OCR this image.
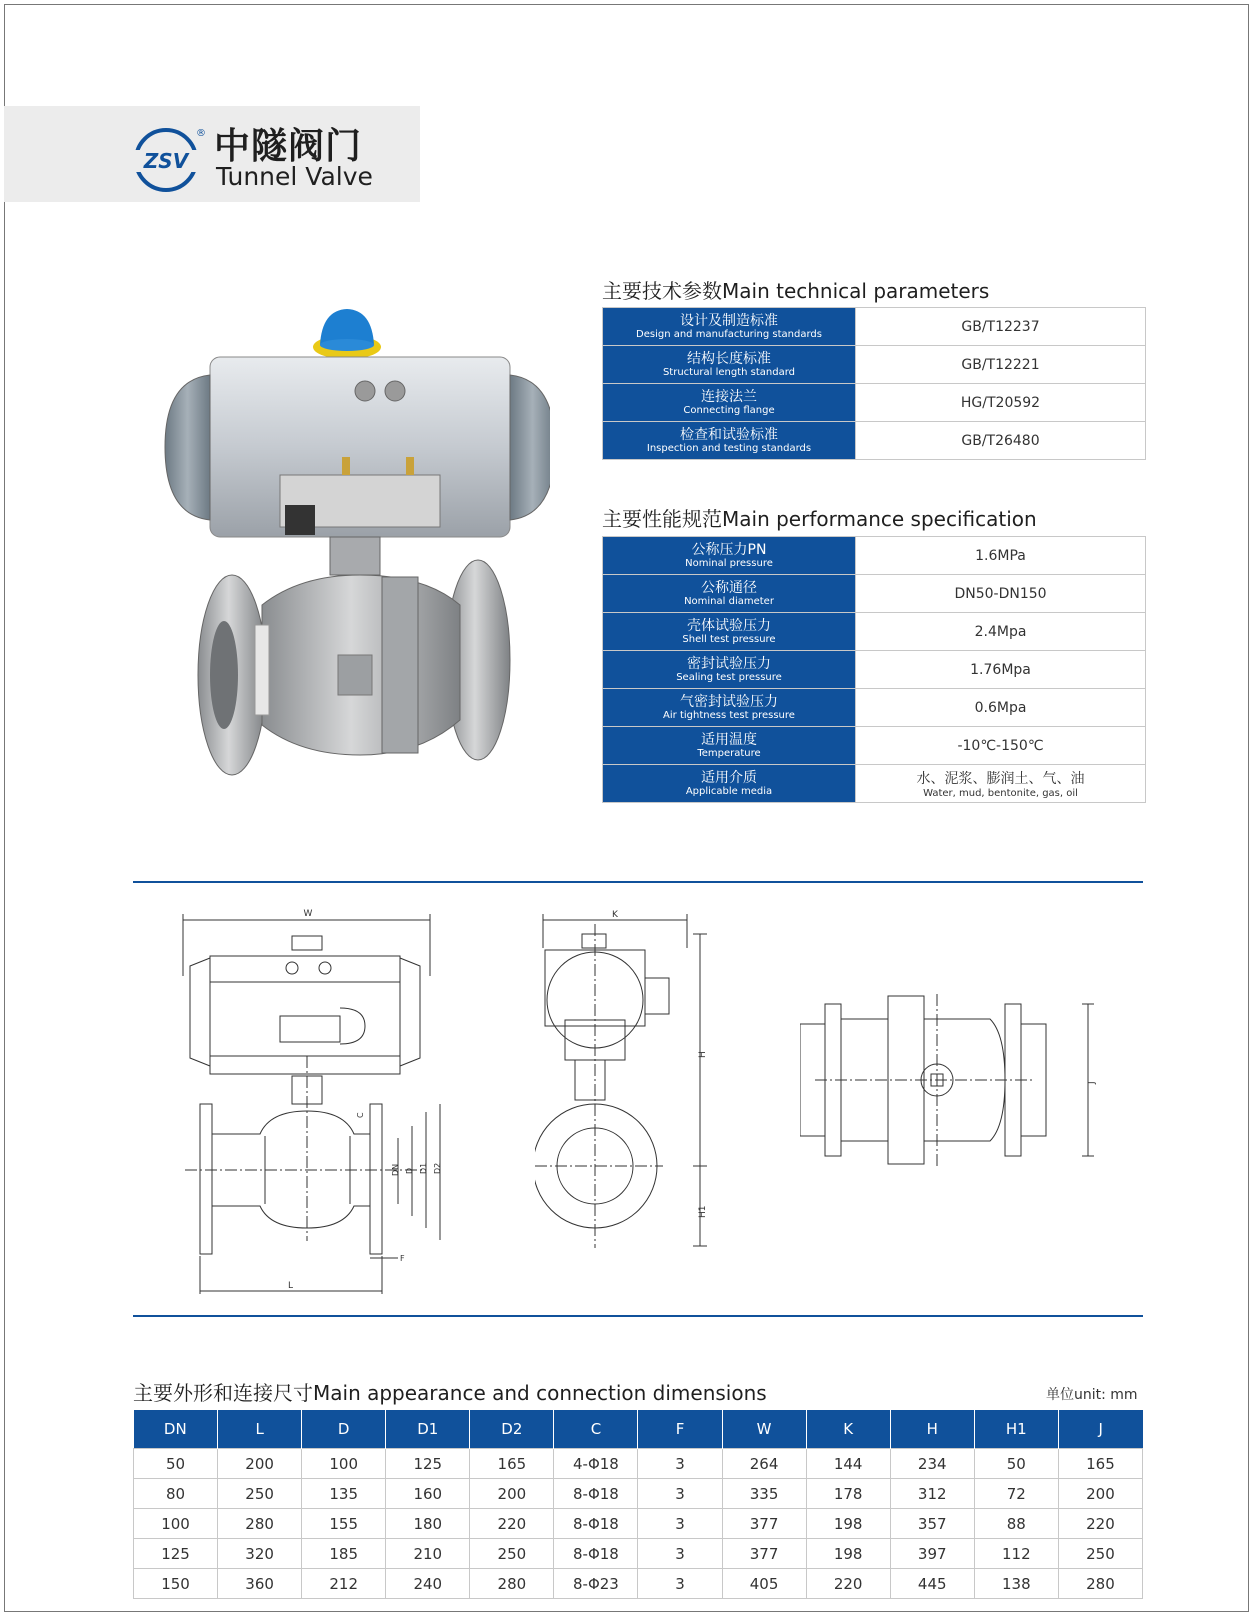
ZSV
® 中隧阀门
Tunnel Valve
主要技术参数Main technical parameters
设计及制造标准
Design and manufacturing standards	GB/T12237

结构长度标准
Structural length standard	GB/T12221

连接法兰
Connecting flange	HG/T20592

检查和试验标准
Inspection and testing standards	GB/T26480
主要性能规范Main performance specification
公称压力PN
Nominal pressure	1.6MPa

公称通径
Nominal diameter	DN50-DN150

壳体试验压力
Shell test pressure	2.4Mpa

密封试验压力
Sealing test pressure	1.76Mpa

气密封试验压力
Air tightness test pressure	0.6Mpa

适用温度
Temperature	-10℃-150℃

适用介质
Applicable media	水、泥浆、膨润土、气、油
Water, mud, bentonite, gas, oil
W
L
DN D D1 D2
C
F
K
H
H1
J
主要外形和连接尺寸Main appearance and connection dimensions	单位unit: mm
DN	L	D	D1	D2	C	F	W	K	H	H1	J
50	200	100	125	165	4-Φ18	3	264	144	234	50	165
80	250	135	160	200	8-Φ18	3	335	178	312	72	200
100	280	155	180	220	8-Φ18	3	377	198	357	88	220
125	320	185	210	250	8-Φ18	3	377	198	397	112	250
150	360	212	240	280	8-Φ23	3	405	220	445	138	280
